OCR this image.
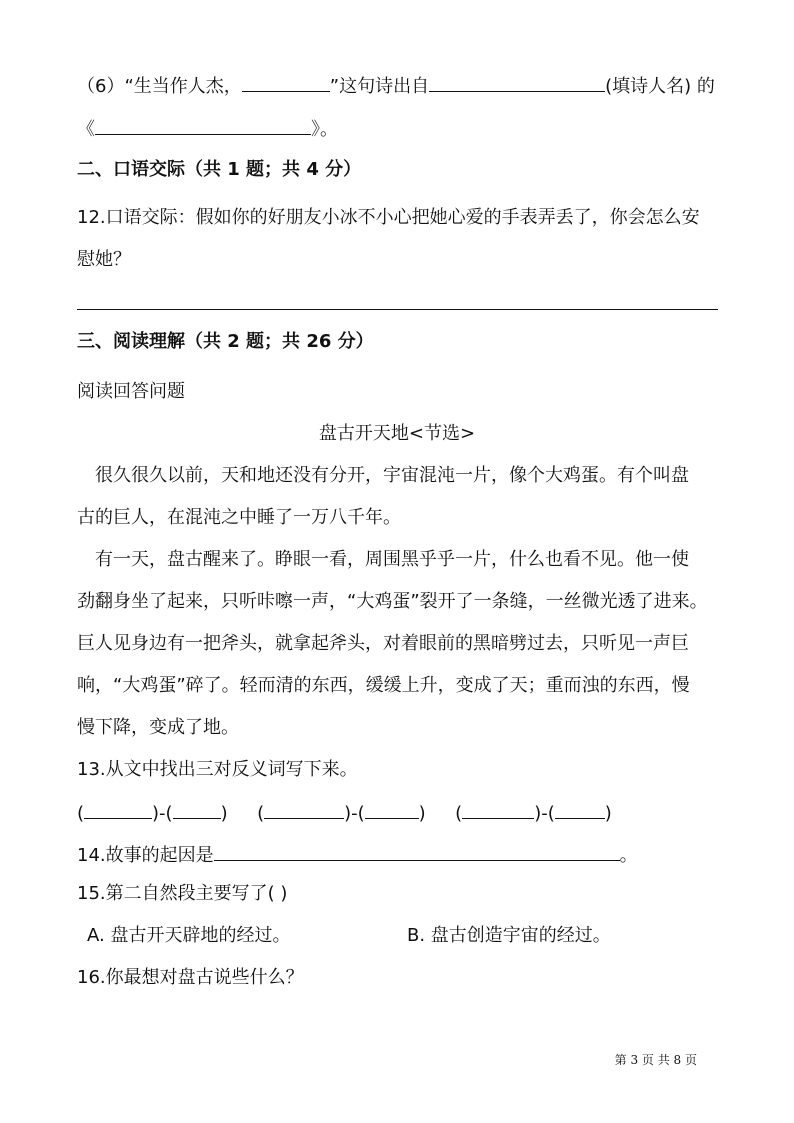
（6）“生当作人杰，	”这句诗出自	(填诗人名) 的
《	》。
二、口语交际（共 1 题；共 4 分）
12.口语交际：假如你的好朋友小冰不小心把她心爱的手表弄丢了，你会怎么安
慰她？
三、阅读理解（共 2 题；共 26 分）
阅读回答问题
盘古开天地<节选>
很久很久以前，天和地还没有分开，宇宙混沌一片，像个大鸡蛋。有个叫盘
古的巨人，在混沌之中睡了一万八千年。
有一天，盘古醒来了。睁眼一看，周围黑乎乎一片，什么也看不见。他一使
劲翻身坐了起来，只听咔嚓一声，“大鸡蛋”裂开了一条缝，一丝微光透了进来。
巨人见身边有一把斧头，就拿起斧头，对着眼前的黑暗劈过去，只听见一声巨
响，“大鸡蛋”碎了。轻而清的东西，缓缓上升，变成了天；重而浊的东西，慢
慢下降，变成了地。
13.从文中找出三对反义词写下来。
(	)-(	) (	)-(	) (	)-(	)
14.故事的起因是	。
15.第二自然段主要写了( )
A. 盘古开天辟地的经过。	B. 盘古创造宇宙的经过。
16.你最想对盘古说些什么？
第 3 页 共 8 页
